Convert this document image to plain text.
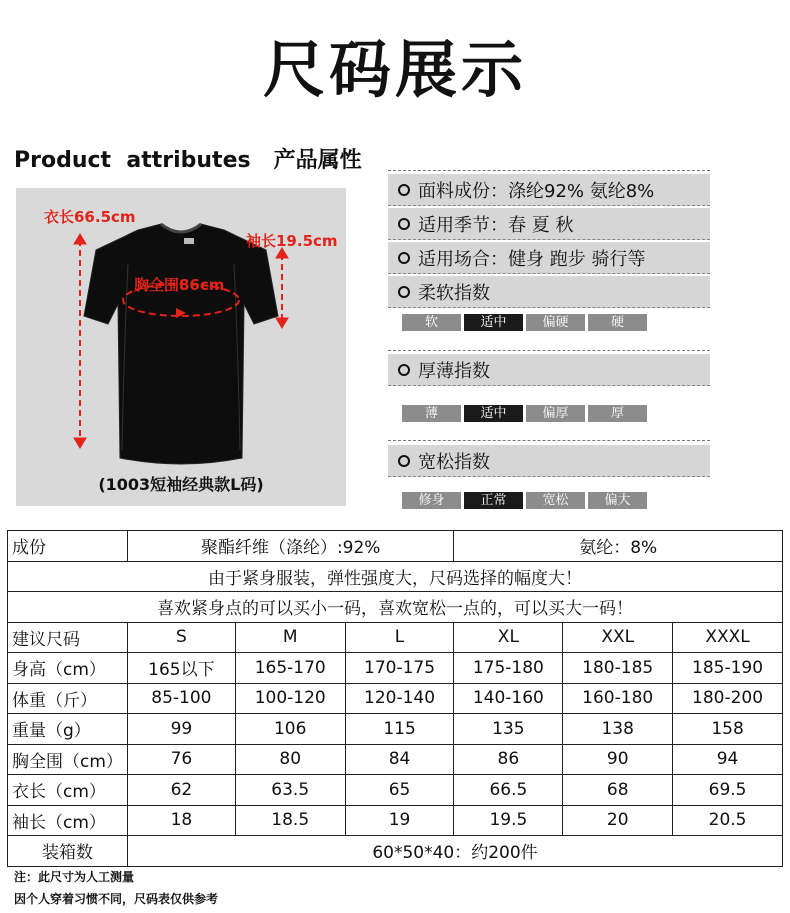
尺码展示
Product  attributes   产品属性
衣长66.5cm
袖长19.5cm
胸全围86cm
(1003短袖经典款L码)
面料成份：涤纶92% 氨纶8%
适用季节：春 夏 秋
适用场合：健身 跑步 骑行等
柔软指数
软	适中	偏硬	硬
厚薄指数
薄	适中	偏厚	厚
宽松指数
修身	正常	宽松	偏大
成份	聚酯纤维（涤纶）:92%			氨纶：8%		
由于紧身服装，弹性强度大，尺码选择的幅度大！						
喜欢紧身点的可以买小一码，喜欢宽松一点的，可以买大一码！						
建议尺码	S	M	L	XL	XXL	XXXL
身高（cm）	165以下	165-170	170-175	175-180	180-185	185-190
体重（斤）	85-100	100-120	120-140	140-160	160-180	180-200
重量（g）	99	106	115	135	138	158
胸全围（cm）	76	80	84	86	90	94
衣长（cm）	62	63.5	65	66.5	68	69.5
袖长（cm）	18	18.5	19	19.5	20	20.5
装箱数	60*50*40：约200件					
注：此尺寸为人工测量
因个人穿着习惯不同，尺码表仅供参考
